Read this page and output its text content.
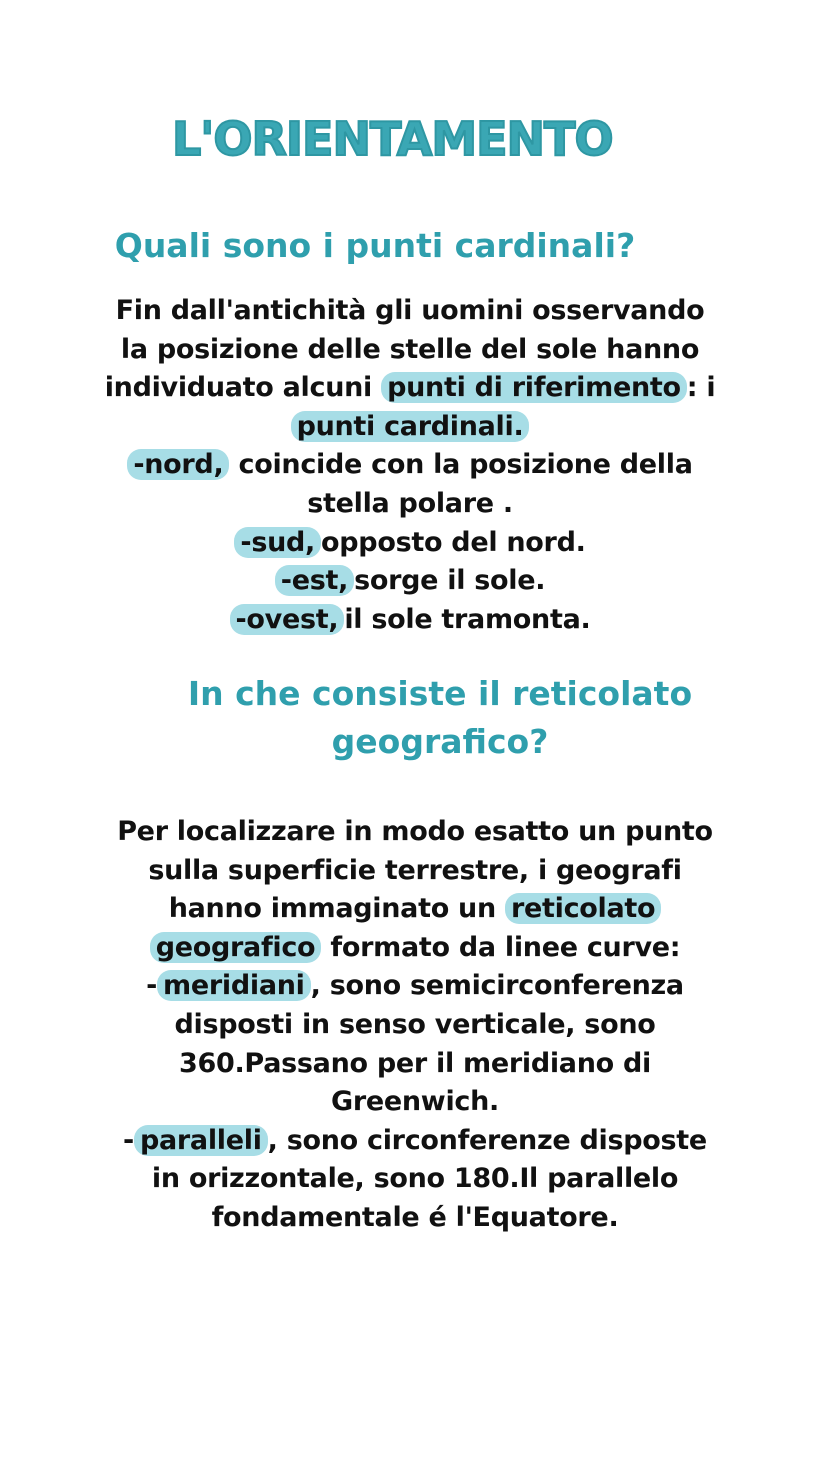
L'ORIENTAMENTO
Quali sono i punti cardinali?

Fin dall'antichità gli uomini osservando
la posizione delle stelle del sole hanno
individuato alcuni punti di riferimento : i
punti cardinali.
-nord, coincide con la posizione della
stella polare .
-sud, opposto del nord.
-est, sorge il sole.
-ovest, il sole tramonta.

In che consiste il reticolato
geografico?

Per localizzare in modo esatto un punto
sulla superficie terrestre, i geografi
hanno immaginato un reticolato
geografico formato da linee curve:
- meridiani , sono semicirconferenza
disposti in senso verticale, sono
360.Passano per il meridiano di
Greenwich.
- paralleli , sono circonferenze disposte
in orizzontale, sono 180.Il parallelo
fondamentale é l'Equatore.
